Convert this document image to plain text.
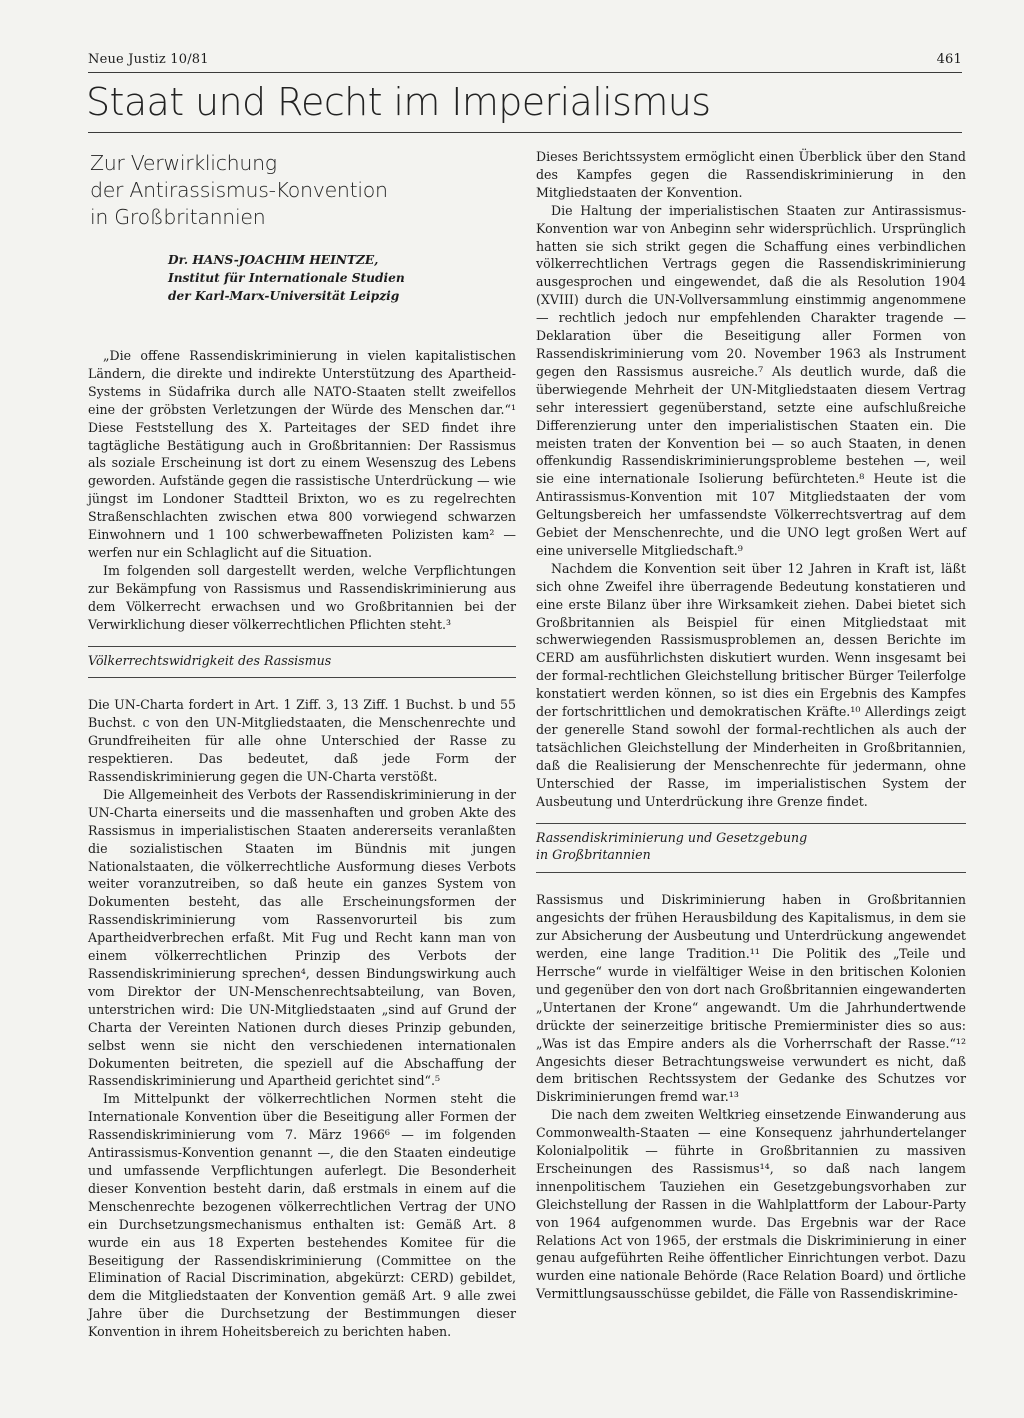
Neue Justiz 10/81	461
Staat und Recht im Imperialismus
Zur Verwirklichung
der Antirassismus-Konvention
in Großbritannien
Dr. HANS-JOACHIM HEINTZE,
Institut für Internationale Studien
der Karl-Marx-Universität Leipzig

„Die offene Rassendiskriminierung in vielen kapitalistischen Ländern, die direkte und indirekte Unterstützung des Apartheid-Systems in Südafrika durch alle NATO-Staaten stellt zweifellos eine der gröbsten Verletzungen der Würde des Menschen dar.“¹ Diese Feststellung des X. Parteitages der SED findet ihre tagtägliche Bestätigung auch in Großbritannien: Der Rassismus als soziale Erscheinung ist dort zu einem Wesenszug des Lebens geworden. Aufstände gegen die rassistische Unterdrückung — wie jüngst im Londoner Stadtteil Brixton, wo es zu regelrechten Straßenschlachten zwischen etwa 800 vorwiegend schwarzen Einwohnern und 1 100 schwerbewaffneten Polizisten kam² — werfen nur ein Schlaglicht auf die Situation.

Im folgenden soll dargestellt werden, welche Verpflichtungen zur Bekämpfung von Rassismus und Rassendiskriminierung aus dem Völkerrecht erwachsen und wo Großbritannien bei der Verwirklichung dieser völkerrechtlichen Pflichten steht.³

Völkerrechtswidrigkeit des Rassismus

Die UN-Charta fordert in Art. 1 Ziff. 3, 13 Ziff. 1 Buchst. b und 55 Buchst. c von den UN-Mitgliedstaaten, die Menschenrechte und Grundfreiheiten für alle ohne Unterschied der Rasse zu respektieren. Das bedeutet, daß jede Form der Rassendiskriminierung gegen die UN-Charta verstößt.

Die Allgemeinheit des Verbots der Rassendiskriminierung in der UN-Charta einerseits und die massenhaften und groben Akte des Rassismus in imperialistischen Staaten andererseits veranlaßten die sozialistischen Staaten im Bündnis mit jungen Nationalstaaten, die völkerrechtliche Ausformung dieses Verbots weiter voranzutreiben, so daß heute ein ganzes System von Dokumenten besteht, das alle Erscheinungsformen der Rassendiskriminierung vom Rassenvorurteil bis zum Apartheidverbrechen erfaßt. Mit Fug und Recht kann man von einem völkerrechtlichen Prinzip des Verbots der Rassendiskriminierung sprechen⁴, dessen Bindungswirkung auch vom Direktor der UN-Menschenrechtsabteilung, van Boven, unterstrichen wird: Die UN-Mitgliedstaaten „sind auf Grund der Charta der Vereinten Nationen durch dieses Prinzip gebunden, selbst wenn sie nicht den verschiedenen internationalen Dokumenten beitreten, die speziell auf die Abschaffung der Rassendiskriminierung und Apartheid gerichtet sind“.⁵

Im Mittelpunkt der völkerrechtlichen Normen steht die Internationale Konvention über die Beseitigung aller Formen der Rassendiskriminierung vom 7. März 1966⁶ — im folgenden Antirassismus-Konvention genannt —, die den Staaten eindeutige und umfassende Verpflichtungen auferlegt. Die Besonderheit dieser Konvention besteht darin, daß erstmals in einem auf die Menschenrechte bezogenen völkerrechtlichen Vertrag der UNO ein Durchsetzungsmechanismus enthalten ist: Gemäß Art. 8 wurde ein aus 18 Experten bestehendes Komitee für die Beseitigung der Rassendiskriminierung (Committee on the Elimination of Racial Discrimination, abgekürzt: CERD) gebildet, dem die Mitgliedstaaten der Konvention gemäß Art. 9 alle zwei Jahre über die Durchsetzung der Bestimmungen dieser Konvention in ihrem Hoheitsbereich zu berichten haben.

Dieses Berichtssystem ermöglicht einen Überblick über den Stand des Kampfes gegen die Rassendiskriminierung in den Mitgliedstaaten der Konvention.

Die Haltung der imperialistischen Staaten zur Antirassismus-Konvention war von Anbeginn sehr widersprüchlich. Ursprünglich hatten sie sich strikt gegen die Schaffung eines verbindlichen völkerrechtlichen Vertrags gegen die Rassendiskriminierung ausgesprochen und eingewendet, daß die als Resolution 1904 (XVIII) durch die UN-Vollversammlung einstimmig angenommene — rechtlich jedoch nur empfehlenden Charakter tragende — Deklaration über die Beseitigung aller Formen von Rassendiskriminierung vom 20. November 1963 als Instrument gegen den Rassismus ausreiche.⁷ Als deutlich wurde, daß die überwiegende Mehrheit der UN-Mitgliedstaaten diesem Vertrag sehr interessiert gegenüberstand, setzte eine aufschlußreiche Differenzierung unter den imperialistischen Staaten ein. Die meisten traten der Konvention bei — so auch Staaten, in denen offenkundig Rassendiskriminierungsprobleme bestehen —, weil sie eine internationale Isolierung befürchteten.⁸ Heute ist die Antirassismus-Konvention mit 107 Mitgliedstaaten der vom Geltungsbereich her umfassendste Völkerrechtsvertrag auf dem Gebiet der Menschenrechte, und die UNO legt großen Wert auf eine universelle Mitgliedschaft.⁹

Nachdem die Konvention seit über 12 Jahren in Kraft ist, läßt sich ohne Zweifel ihre überragende Bedeutung konstatieren und eine erste Bilanz über ihre Wirksamkeit ziehen. Dabei bietet sich Großbritannien als Beispiel für einen Mitgliedstaat mit schwerwiegenden Rassismusproblemen an, dessen Berichte im CERD am ausführlichsten diskutiert wurden. Wenn insgesamt bei der formal-rechtlichen Gleichstellung britischer Bürger Teilerfolge konstatiert werden können, so ist dies ein Ergebnis des Kampfes der fortschrittlichen und demokratischen Kräfte.¹⁰ Allerdings zeigt der generelle Stand sowohl der formal-rechtlichen als auch der tatsächlichen Gleichstellung der Minderheiten in Großbritannien, daß die Realisierung der Menschenrechte für jedermann, ohne Unterschied der Rasse, im imperialistischen System der Ausbeutung und Unterdrückung ihre Grenze findet.

Rassendiskriminierung und Gesetzgebung
in Großbritannien

Rassismus und Diskriminierung haben in Großbritannien angesichts der frühen Herausbildung des Kapitalismus, in dem sie zur Absicherung der Ausbeutung und Unterdrückung angewendet werden, eine lange Tradition.¹¹ Die Politik des „Teile und Herrsche“ wurde in vielfältiger Weise in den britischen Kolonien und gegenüber den von dort nach Großbritannien eingewanderten „Untertanen der Krone“ angewandt. Um die Jahrhundertwende drückte der seinerzeitige britische Premierminister dies so aus: „Was ist das Empire anders als die Vorherrschaft der Rasse.“¹² Angesichts dieser Betrachtungsweise verwundert es nicht, daß dem britischen Rechtssystem der Gedanke des Schutzes vor Diskriminierungen fremd war.¹³

Die nach dem zweiten Weltkrieg einsetzende Einwanderung aus Commonwealth-Staaten — eine Konsequenz jahrhundertelanger Kolonialpolitik — führte in Großbritannien zu massiven Erscheinungen des Rassismus¹⁴, so daß nach langem innenpolitischem Tauziehen ein Gesetzgebungsvorhaben zur Gleichstellung der Rassen in die Wahlplattform der Labour-Party von 1964 aufgenommen wurde. Das Ergebnis war der Race Relations Act von 1965, der erstmals die Diskriminierung in einer genau aufgeführten Reihe öffentlicher Einrichtungen verbot. Dazu wurden eine nationale Behörde (Race Relation Board) und örtliche Vermittlungsausschüsse gebildet, die Fälle von Rassendiskrimine-
